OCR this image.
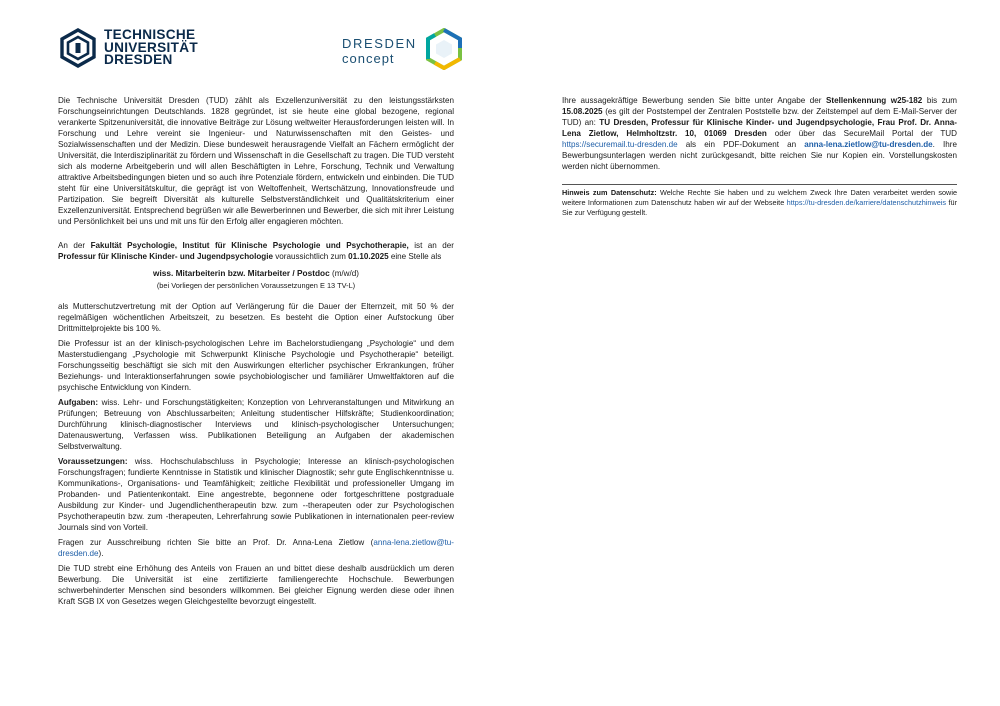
TECHNISCHE
UNIVERSITÄT
DRESDEN
DRESDEN
concept

Die Technische Universität Dresden (TUD) zählt als Exzellenzuniversität zu den leistungsstärksten Forschungseinrichtungen Deutschlands. 1828 gegründet, ist sie heute eine global bezogene, regional verankerte Spitzenuniversität, die innovative Beiträge zur Lösung weltweiter Herausforderungen leisten will. In Forschung und Lehre vereint sie Ingenieur- und Naturwissenschaften mit den Geistes- und Sozialwissenschaften und der Medizin. Diese bundesweit herausragende Vielfalt an Fächern ermöglicht der Universität, die Interdisziplinarität zu fördern und Wissenschaft in die Gesellschaft zu tragen. Die TUD versteht sich als moderne Arbeitgeberin und will allen Beschäftigten in Lehre, Forschung, Technik und Verwaltung attraktive Arbeitsbedingungen bieten und so auch ihre Potenziale fördern, entwickeln und einbinden. Die TUD steht für eine Universitätskultur, die geprägt ist von Weltoffenheit, Wertschätzung, Innovationsfreude und Partizipation. Sie begreift Diversität als kulturelle Selbstverständlichkeit und Qualitätskriterium einer Exzellenzuniversität. Entsprechend begrüßen wir alle Bewerberinnen und Bewerber, die sich mit ihrer Leistung und Persönlichkeit bei uns und mit uns für den Erfolg aller engagieren möchten.

An der Fakultät Psychologie, Institut für Klinische Psychologie und Psychotherapie, ist an der Professur für Klinische Kinder- und Jugendpsychologie voraussichtlich zum 01.10.2025 eine Stelle als

wiss. Mitarbeiterin bzw. Mitarbeiter / Postdoc (m/w/d)
(bei Vorliegen der persönlichen Voraussetzungen E 13 TV-L)

als Mutterschutzvertretung mit der Option auf Verlängerung für die Dauer der Elternzeit, mit 50 % der regelmäßigen wöchentlichen Arbeitszeit, zu besetzen. Es besteht die Option einer Aufstockung über Drittmittelprojekte bis 100 %.

Die Professur ist an der klinisch-psychologischen Lehre im Bachelorstudiengang „Psychologie“ und dem Masterstudiengang „Psychologie mit Schwerpunkt Klinische Psychologie und Psychotherapie“ beteiligt. Forschungsseitig beschäftigt sie sich mit den Auswirkungen elterlicher psychischer Erkrankungen, früher Beziehungs- und Interaktionserfahrungen sowie psychobiologischer und familiärer Umweltfaktoren auf die psychische Entwicklung von Kindern.

Aufgaben: wiss. Lehr- und Forschungstätigkeiten; Konzeption von Lehrveranstaltungen und Mitwirkung an Prüfungen; Betreuung von Abschlussarbeiten; Anleitung studentischer Hilfskräfte; Studienkoordination; Durchführung klinisch-diagnostischer Interviews und klinisch-psychologischer Untersuchungen; Datenauswertung, Verfassen wiss. Publikationen Beteiligung an Aufgaben der akademischen Selbstverwaltung.

Voraussetzungen: wiss. Hochschulabschluss in Psychologie; Interesse an klinisch-psychologischen Forschungsfragen; fundierte Kenntnisse in Statistik und klinischer Diagnostik; sehr gute Englischkenntnisse u. Kommunikations-, Organisations- und Teamfähigkeit; zeitliche Flexibilität und professioneller Umgang im Probanden- und Patientenkontakt. Eine angestrebte, begonnene oder fortgeschrittene postgraduale Ausbildung zur Kinder- und Jugendlichentherapeutin bzw. zum --therapeuten oder zur Psychologischen Psychotherapeutin bzw. zum -therapeuten, Lehrerfahrung sowie Publikationen in internationalen peer-review Journals sind von Vorteil.

Fragen zur Ausschreibung richten Sie bitte an Prof. Dr. Anna-Lena Zietlow (anna-lena.zietlow@tu-dresden.de).

Die TUD strebt eine Erhöhung des Anteils von Frauen an und bittet diese deshalb ausdrücklich um deren Bewerbung. Die Universität ist eine zertifizierte familiengerechte Hochschule. Bewerbungen schwerbehinderter Menschen sind besonders willkommen. Bei gleicher Eignung werden diese oder ihnen Kraft SGB IX von Gesetzes wegen Gleichgestellte bevorzugt eingestellt.

Ihre aussagekräftige Bewerbung senden Sie bitte unter Angabe der Stellenkennung w25-182 bis zum 15.08.2025 (es gilt der Poststempel der Zentralen Poststelle bzw. der Zeitstempel auf dem E-Mail-Server der TUD) an: TU Dresden, Professur für Klinische Kinder- und Jugendpsychologie, Frau Prof. Dr. Anna-Lena Zietlow, Helmholtzstr. 10, 01069 Dresden oder über das SecureMail Portal der TUD https://securemail.tu-dresden.de als ein PDF-Dokument an anna-lena.zietlow@tu-dresden.de. Ihre Bewerbungsunterlagen werden nicht zurückgesandt, bitte reichen Sie nur Kopien ein. Vorstellungskosten werden nicht übernommen.

Hinweis zum Datenschutz: Welche Rechte Sie haben und zu welchem Zweck Ihre Daten verarbeitet werden sowie weitere Informationen zum Datenschutz haben wir auf der Webseite https://tu-dresden.de/karriere/datenschutzhinweis für Sie zur Verfügung gestellt.
